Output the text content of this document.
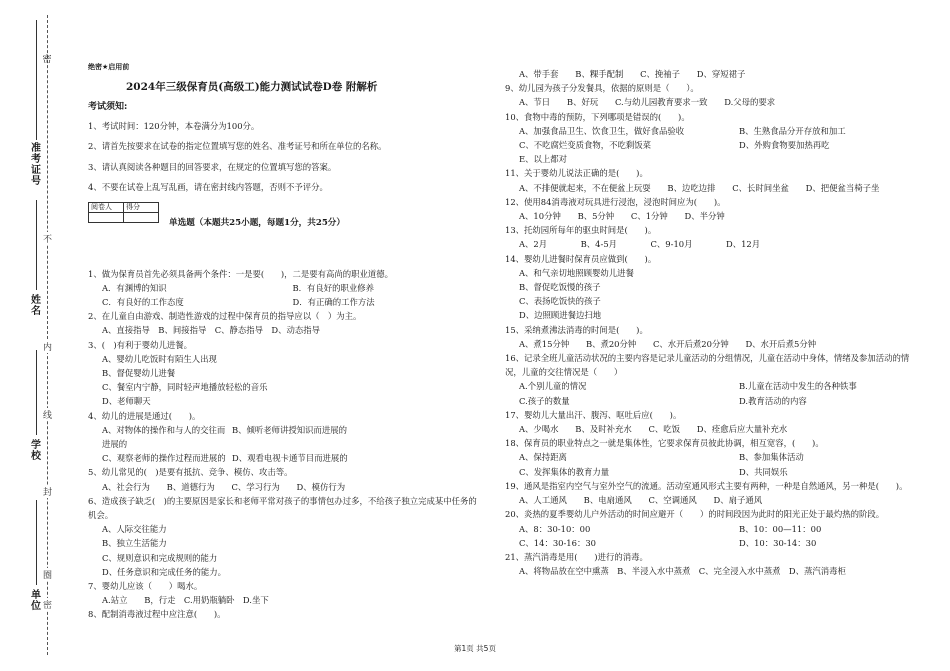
密
准考证号
姓名
学校
单位
不
内
线
封
圈
密
绝密★启用前
2024年三级保育员(高级工)能力测试试卷D卷 附解析
考试须知:

1、考试时间：120分钟，本卷满分为100分。

2、请首先按要求在试卷的指定位置填写您的姓名、准考证号和所在单位的名称。

3、请认真阅读各种题目的回答要求，在规定的位置填写您的答案。

4、不要在试卷上乱写乱画，请在密封线内答题，否则不予评分。

阅卷人	得分

单选题（本题共25小题，每题1分，共25分）

1、做为保育员首先必须具备两个条件：一是要(　　)，二是要有高尚的职业道德。

A．有渊博的知识	B．有良好的职业修养
C．有良好的工作态度	D．有正确的工作方法

2、在儿童自由游戏、制造性游戏的过程中保育员的指导应以（　）为主。

A、直接指导　B、间接指导　C、静态指导　D、动态指导

3、(　)有利于婴幼儿进餐。

A、婴幼儿吃饭时有陌生人出现
B、督促婴幼儿进餐
C、餐室内宁静，同时轻声地播放轻松的音乐
D、老师聊天

4、幼儿的进展是通过(　　)。

A、对物体的操作和与人的交往而进展的
B、倾听老师讲授知识而进展的
C、观察老师的操作过程而进展的 D、观看电视卡通节目而进展的

5、幼儿常见的(　)是要有抵抗、竞争、模仿、攻击等。

A、社会行为　　B、道德行为　　C、学习行为　　D、模仿行为

6、造成孩子缺乏(　)的主要原因是家长和老师平常对孩子的事情包办过多，不给孩子独立完成某中任务的机会。

A、人际交往能力
B、独立生活能力
C、规则意识和完成规则的能力
D、任务意识和完成任务的能力。

7、婴幼儿应该（　　）喝水。

A.站立　　B，行走　C.用奶瓶躺卧　D.坐下

8、配制消毒液过程中应注意(　　)。

A、带手套　　B、粿手配制　　C、挽袖子　　D、穿短裙子

9、幼儿园为孩子分发餐具，依据的原则是（　　）。

A、节日　　B、好玩　　C.与幼儿园教育要求一致　　D.父母的要求

10、食物中毒的预防，下列哪项是错误的(　　)。

A、加强食品卫生、饮食卫生，做好食品验收	B、生熟食品分开存放和加工
C、不吃腐烂变质食物，不吃剩饭菜	D、外购食物要加热再吃
E、以上都对

11、关于婴幼儿说法正确的是(　　)。

A、不排便就起来，不在便盆上玩耍　　B、边吃边排　　C、长时间坐盆　　D、把便盆当椅子坐

12、使用84消毒液对玩具进行浸泡，浸泡时间应为(　　)。

A、10分钟　　B、5分钟　　C、1分钟　　D、半分钟

13、托幼园所每年的驱虫时间是(　　)。

A、2月　　　　B、4-5月　　　　C、9-10月　　　　D、12月

14、婴幼儿进餐时保育员应做到(　　)。

A、和气亲切地照顾婴幼儿进餐
B、督促吃饭慢的孩子
C、表扬吃饭快的孩子
D、边照顾进餐边扫地

15、采纳煮沸法消毒的时间是(　　)。

A、煮15分钟　　B、煮20分钟　　C、水开后煮20分钟　　D、水开后煮5分钟

16、记录全班儿童活动状况的主要内容是记录儿童活动的分组情况，儿童在活动中身体，情绪及参加活动的情况，儿童的交往情况是（　　）

A.个别儿童的情况	B.儿童在活动中发生的各种铁事
C.孩子的数量	D.教育活动的内容

17、婴幼儿大量出汗、腹泻、呕吐后应(　　)。

A、少喝水　　B、及时补充水　　C、吃饭　　D、痊愈后应大量补充水

18、保育员的职业特点之一就是集体性，它要求保育员彼此协调，相互宽容，(　　)。

A、保持距离	B、参加集体活动
C、发挥集体的教育力量	D、共同娱乐

19、通风是指室内空气与室外空气的流通。活动室通风形式主要有两种，一种是自然通风，另一种是(　　)。

A、人工通风　　B、电扇通风　　C、空调通风　　D、扇子通风

20、炎热的夏季婴幼儿户外活动的时间应避开（　　）的时间段因为此时的阳光正处于最灼热的阶段。

A、8：30-10：00	B、10：00—11：00
C、14：30-16：30	D、10：30-14：30

21、蒸汽消毒是用(　　)进行的消毒。

A、将物品放在空中熏蒸　B、半浸入水中蒸煮　C、完全浸入水中蒸煮　D、蒸汽消毒柜
第1页 共5页
